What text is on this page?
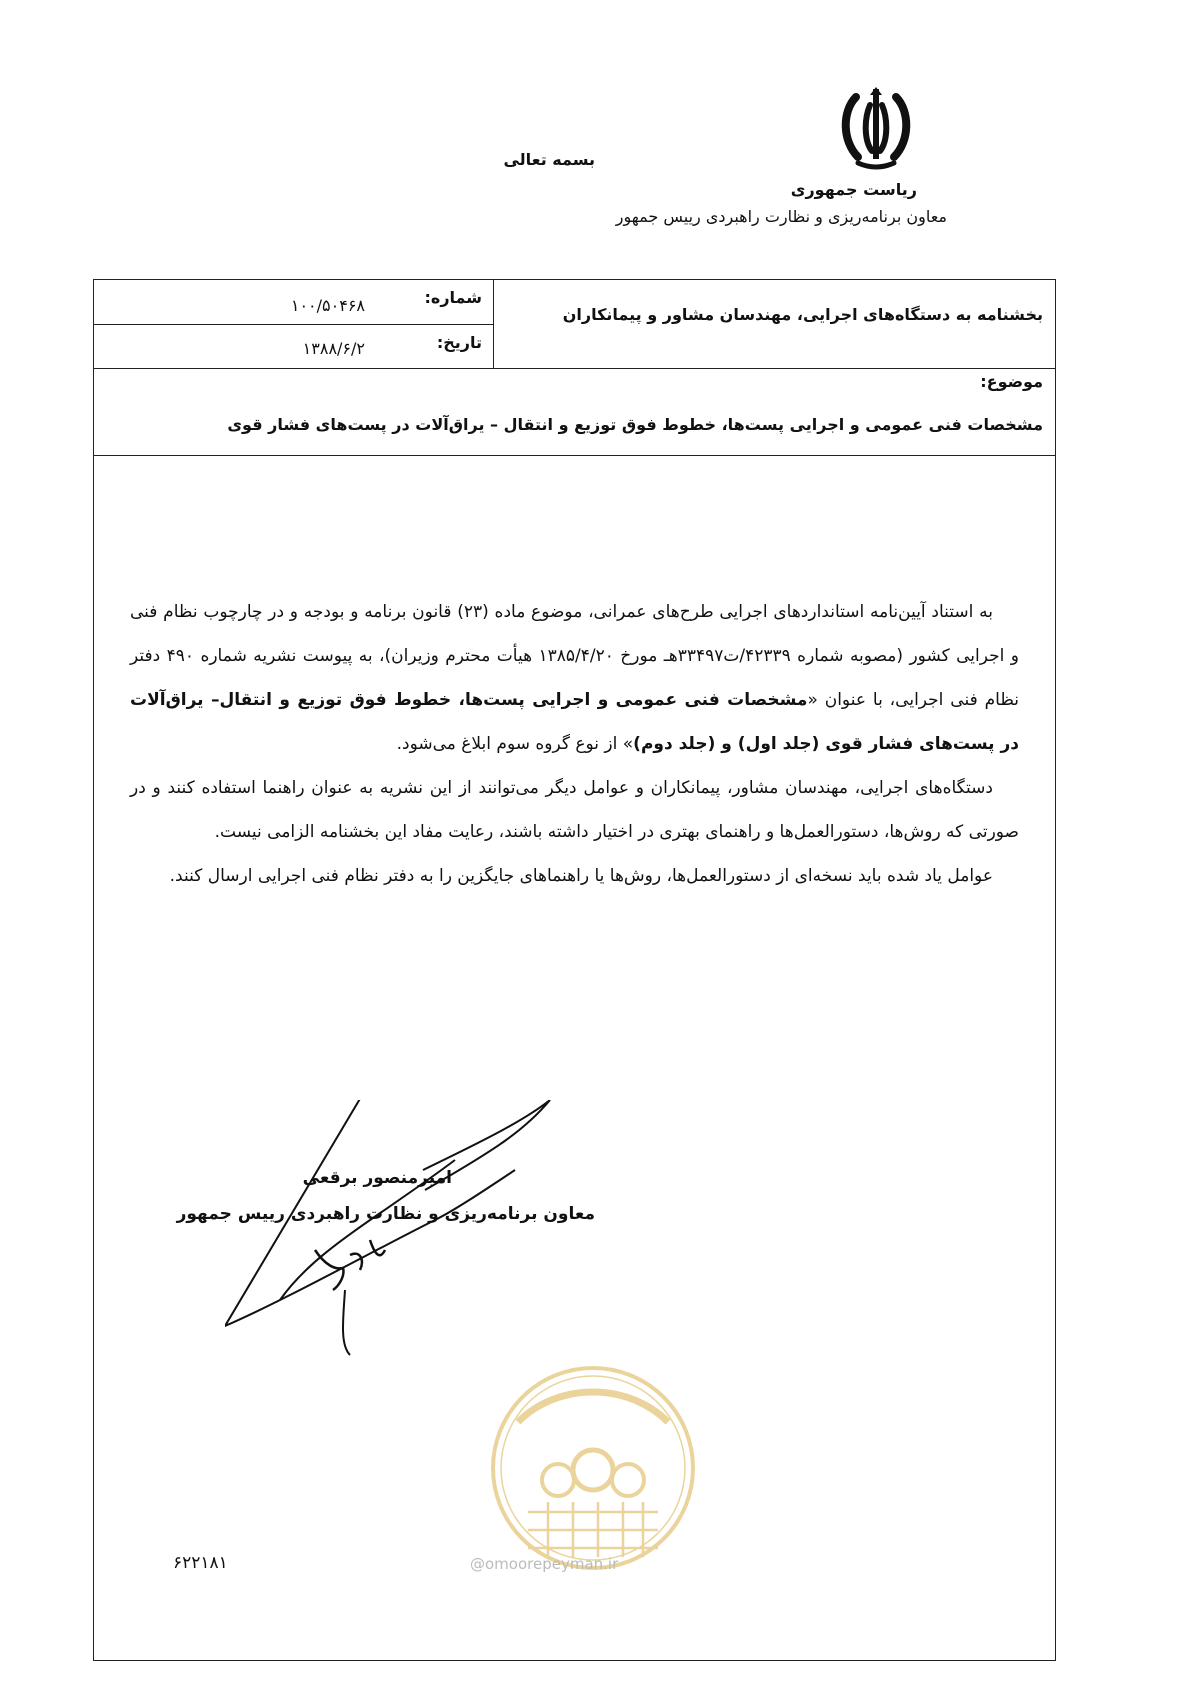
بسمه تعالی
ریاست جمهوری
معاون برنامه‌ریزی و نظارت راهبردی رییس جمهور
بخشنامه به دستگاه‌های اجرایی، مهندسان مشاور و پیمانکاران
شماره:
۱۰۰/۵۰۴۶۸
تاریخ:
۱۳۸۸/۶/۲
موضوع:
مشخصات فنی عمومی و اجرایی پست‌ها، خطوط فوق توزیع و انتقال – یراق‌آلات در پست‌های فشار قوی

به استناد آیین‌نامه استانداردهای اجرایی طرح‌های عمرانی، موضوع ماده (۲۳) قانون برنامه و بودجه و در چارچوب نظام فنی و اجرایی کشور (مصوبه شماره ۴۲۳۳۹/ت۳۳۴۹۷هـ مورخ ۱۳۸۵/۴/۲۰ هیأت محترم وزیران)، به پیوست نشریه شماره ۴۹۰ دفتر نظام فنی اجرایی، با عنوان «مشخصات فنی عمومی و اجرایی پست‌ها، خطوط فوق توزیع و انتقال– یراق‌آلات در پست‌های فشار قوی (جلد اول) و (جلد دوم)» از نوع گروه سوم ابلاغ می‌شود.

دستگاه‌های اجرایی، مهندسان مشاور، پیمانکاران و عوامل دیگر می‌توانند از این نشریه به عنوان راهنما استفاده کنند و در صورتی که روش‌ها، دستورالعمل‌ها و راهنمای بهتری در اختیار داشته باشند، رعایت مفاد این بخشنامه الزامی نیست.

عوامل یاد شده باید نسخه‌ای از دستورالعمل‌ها، روش‌ها یا راهنماهای جایگزین را به دفتر نظام فنی اجرایی ارسال کنند.

امیرمنصور برقعی
معاون برنامه‌ریزی و نظارت راهبردی رییس جمهور
@omoorepeyman.ir
۶۲۲۱۸۱
